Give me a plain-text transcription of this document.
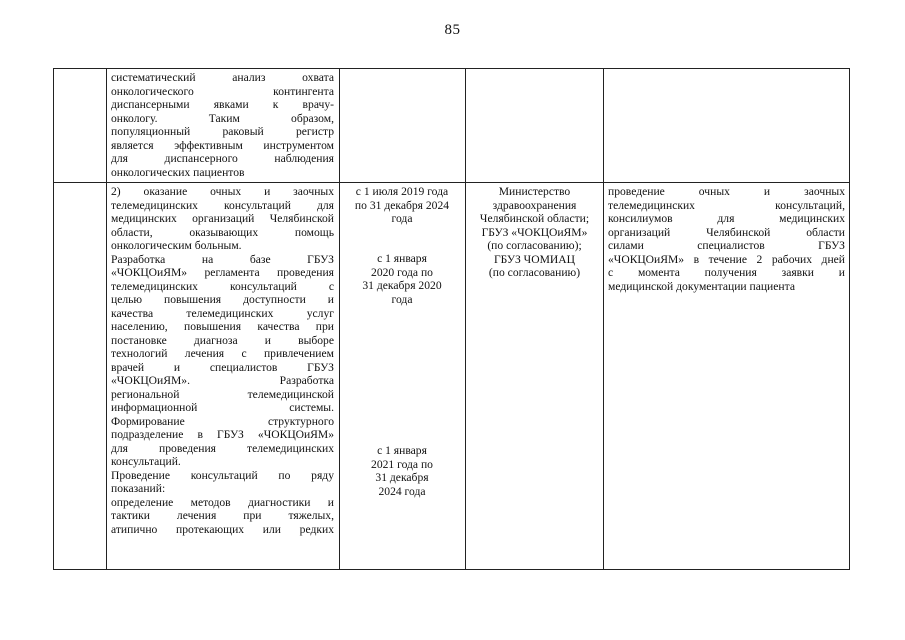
85

систематический анализ охвата

онкологического контингента

диспансерными явками к врачу-

онкологу. Таким образом,

популяционный раковый регистр

является эффективным инструментом

для диспансерного наблюдения

онкологических пациентов

2) оказание очных и заочных

телемедицинских консультаций для

медицинских организаций Челябинской

области, оказывающих помощь

онкологическим больным.

Разработка на базе ГБУЗ

«ЧОКЦОиЯМ» регламента проведения

телемедицинских консультаций с

целью повышения доступности и

качества телемедицинских услуг

населению, повышения качества при

постановке диагноза и выборе

технологий лечения с привлечением

врачей и специалистов ГБУЗ

«ЧОКЦОиЯМ». Разработка

региональной телемедицинской

информационной системы.

Формирование структурного

подразделение в ГБУЗ «ЧОКЦОиЯМ»

для проведения телемедицинских

консультаций.

Проведение консультаций по ряду

показаний:

определение методов диагностики и

тактики лечения при тяжелых,

атипично протекающих или редких

с 1 июля 2019 года

по 31 декабря 2024

года

с 1 января

2020 года по

31 декабря 2020

года

с 1 января

2021 года по

31 декабря

2024 года

Министерство

здравоохранения

Челябинской области;

ГБУЗ «ЧОКЦОиЯМ»

(по согласованию);

ГБУЗ ЧОМИАЦ

(по согласованию)

проведение очных и заочных

телемедицинских консультаций,

консилиумов для медицинских

организаций Челябинской области

силами специалистов ГБУЗ

«ЧОКЦОиЯМ» в течение 2 рабочих дней

с момента получения заявки и

медицинской документации пациента
